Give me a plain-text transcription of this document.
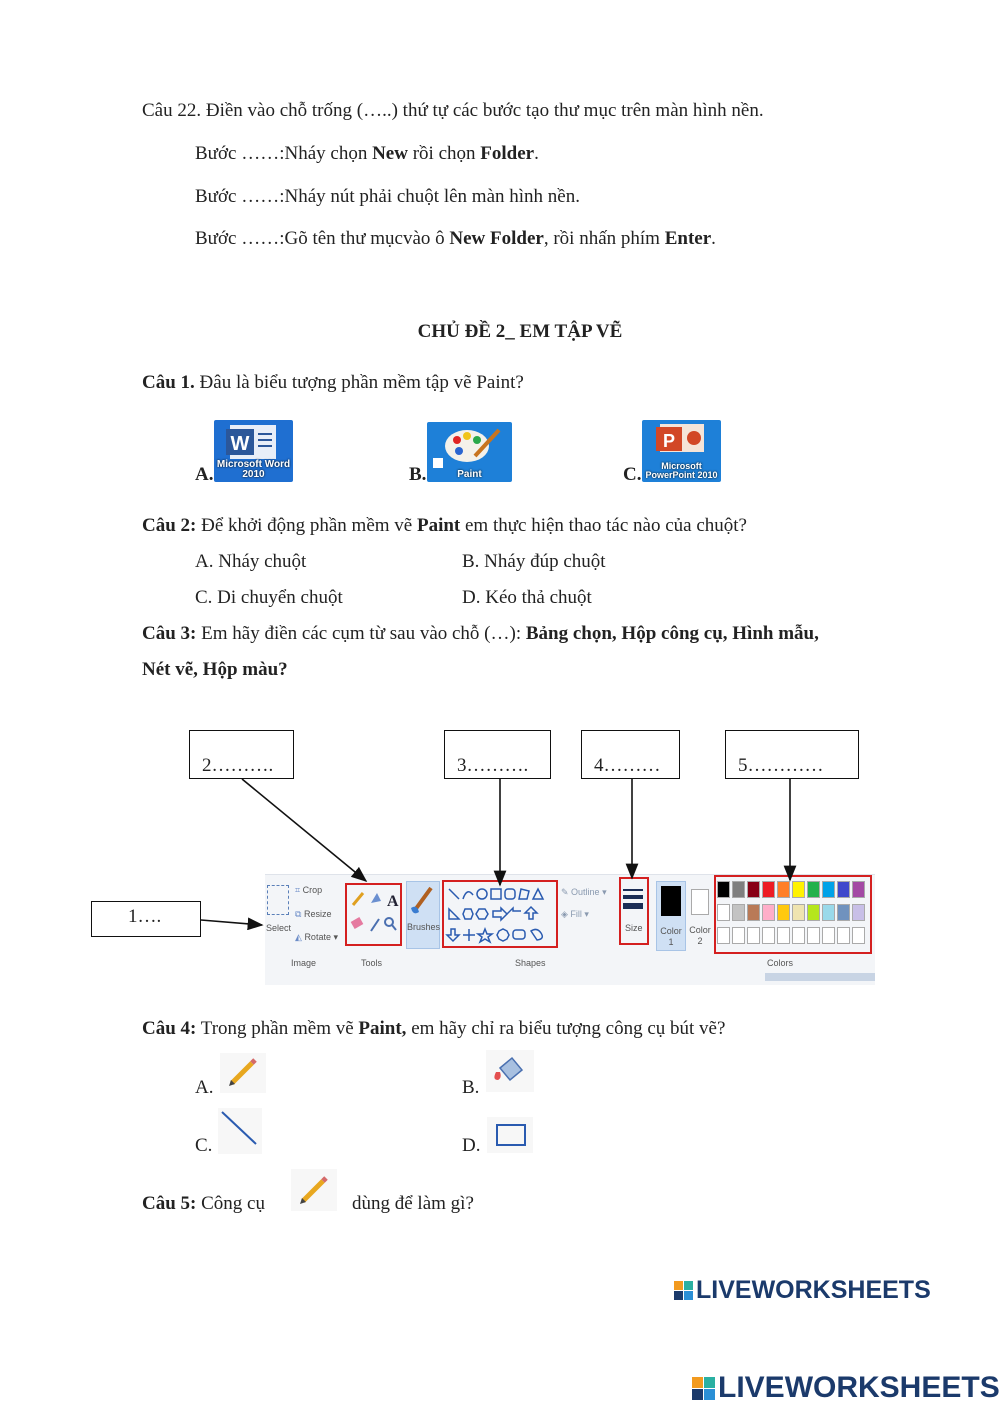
Câu 22. Điền vào chỗ trống (…..) thứ tự các bước tạo thư mục trên màn hình nền.
Bước ……:Nháy chọn New rồi chọn Folder.
Bước ……:Nháy nút phải chuột lên màn hình nền.
Bước ……:Gõ tên thư mụcvào ô New Folder, rồi nhấn phím Enter.
CHỦ ĐỀ 2_ EM TẬP VẼ
Câu 1. Đâu là biểu tượng phần mềm tập vẽ Paint?
A.
W
Microsoft Word 2010	B.	Paint	C.
P
Microsoft PowerPoint 2010
Câu 2: Để khởi động phần mềm vẽ Paint em thực hiện thao tác nào của chuột?
A. Nháy chuột	B. Nháy đúp chuột
C. Di chuyển chuột	D. Kéo thả chuột
Câu 3: Em hãy điền các cụm từ sau vào chỗ (…): Bảng chọn, Hộp công cụ, Hình mẫu,
Nét vẽ, Hộp màu?
1….
2……….	3……….	4………	5…………
Select
⌗ Crop
⧉ Resize
◭ Rotate ▾
Image
A
Tools
Brushes
✎ Outline ▾
◈ Fill ▾
Shapes
Size Color 1
Color 2
Colors
Câu 4: Trong phần mềm vẽ Paint, em hãy chỉ ra biểu tượng công cụ bút vẽ?
A.	B.
C.	D.
Câu 5: Công cụ	dùng để làm gì?

LIVEWORKSHEETS

LIVEWORKSHEETS
